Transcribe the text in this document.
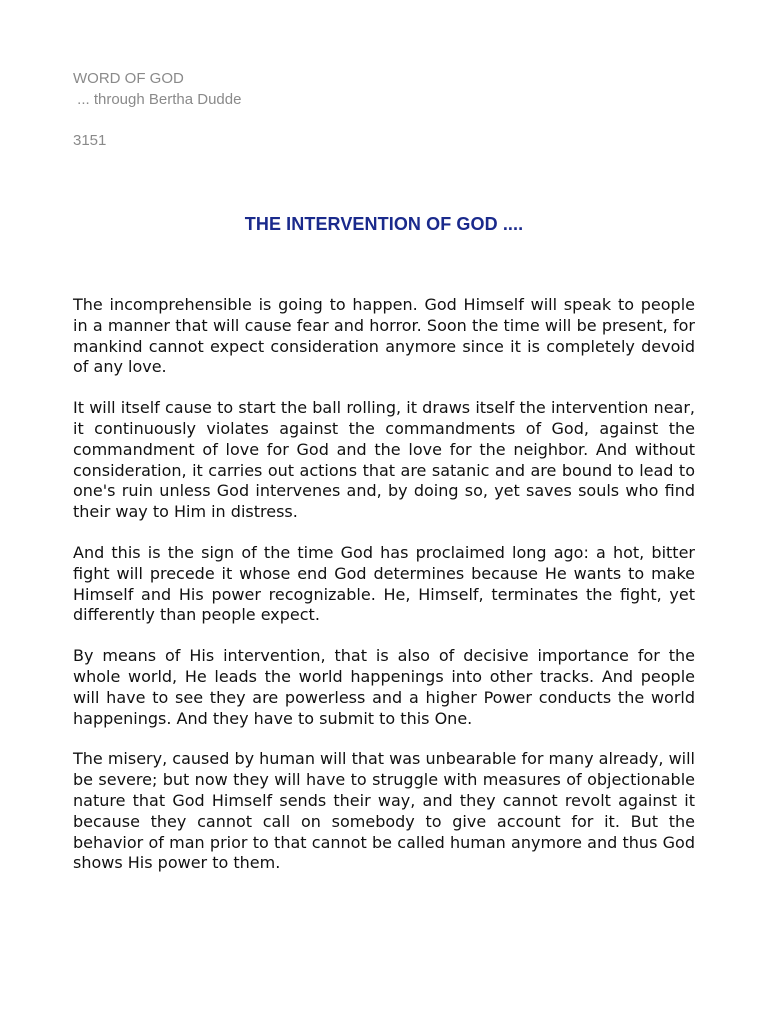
WORD OF GOD

... through Bertha Dudde

3151

THE INTERVENTION OF GOD ....

The incomprehensible is going to happen. God Himself will speak to people in a manner that will cause fear and horror. Soon the time will be present, for mankind cannot expect consideration anymore since it is completely devoid of any love.

It will itself cause to start the ball rolling, it draws itself the intervention near, it continuously violates against the commandments of God, against the commandment of love for God and the love for the neighbor. And without consideration, it carries out actions that are satanic and are bound to lead to one's ruin unless God intervenes and, by doing so, yet saves souls who find their way to Him in distress.

And this is the sign of the time God has proclaimed long ago: a hot, bitter fight will precede it whose end God determines because He wants to make Himself and His power recognizable. He, Himself, terminates the fight, yet differently than people expect.

By means of His intervention, that is also of decisive importance for the whole world, He leads the world happenings into other tracks. And people will have to see they are powerless and a higher Power conducts the world happenings. And they have to submit to this One.

The misery, caused by human will that was unbearable for many already, will be severe; but now they will have to struggle with measures of objectionable nature that God Himself sends their way, and they cannot revolt against it because they cannot call on somebody to give account for it. But the behavior of man prior to that cannot be called human anymore and thus God shows His power to them.
